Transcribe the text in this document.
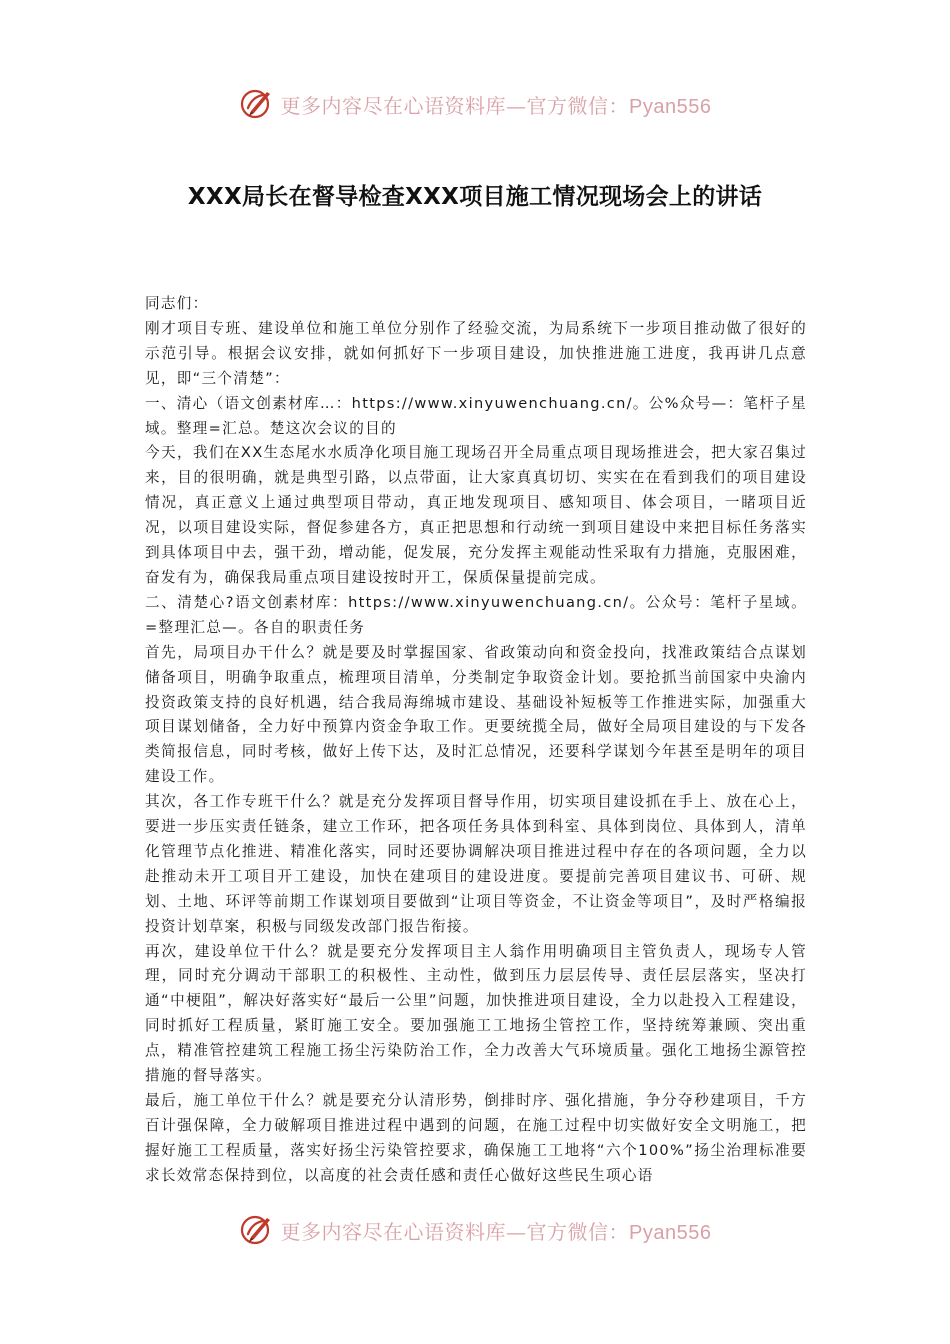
更多内容尽在心语资料库—官方微信：Pyan556
XXX局长在督导检查XXX项目施工情况现场会上的讲话

同志们：

刚才项目专班、建设单位和施工单位分别作了经验交流，为局系统下一步项目推动做了很好的示范引导。根据会议安排，就如何抓好下一步项目建设，加快推进施工进度，我再讲几点意见，即“三个清楚”：

一、清心（语文创素材库…：https://www.xinyuwenchuang.cn/。公%众号—：笔杆子星域。整理=汇总。楚这次会议的目的

今天，我们在XX生态尾水水质净化项目施工现场召开全局重点项目现场推进会，把大家召集过来，目的很明确，就是典型引路，以点带面，让大家真真切切、实实在在看到我们的项目建设情况，真正意义上通过典型项目带动，真正地发现项目、感知项目、体会项目，一睹项目近况，以项目建设实际，督促参建各方，真正把思想和行动统一到项目建设中来把目标任务落实到具体项目中去，强干劲，增动能，促发展，充分发挥主观能动性采取有力措施，克服困难，奋发有为，确保我局重点项目建设按时开工，保质保量提前完成。

二、清楚心?语文创素材库：https://www.xinyuwenchuang.cn/。公众号：笔杆子星域。=整理汇总—。各自的职责任务

首先，局项目办干什么？就是要及时掌握国家、省政策动向和资金投向，找准政策结合点谋划储备项目，明确争取重点，梳理项目清单，分类制定争取资金计划。要抢抓当前国家中央渝内投资政策支持的良好机遇，结合我局海绵城市建设、基础设补短板等工作推进实际，加强重大项目谋划储备，全力好中预算内资金争取工作。更要统揽全局，做好全局项目建设的与下发各类简报信息，同时考核，做好上传下达，及时汇总情况，还要科学谋划今年甚至是明年的项目建设工作。

其次，各工作专班干什么？就是充分发挥项目督导作用，切实项目建设抓在手上、放在心上，要进一步压实责任链条，建立工作环，把各项任务具体到科室、具体到岗位、具体到人，清单化管理节点化推进、精准化落实，同时还要协调解决项目推进过程中存在的各项问题，全力以赴推动未开工项目开工建设，加快在建项目的建设进度。要提前完善项目建议书、可研、规划、土地、环评等前期工作谋划项目要做到“让项目等资金，不让资金等项目”，及时严格编报投资计划草案，积极与同级发改部门报告衔接。

再次，建设单位干什么？就是要充分发挥项目主人翁作用明确项目主管负责人，现场专人管理，同时充分调动干部职工的积极性、主动性，做到压力层层传导、责任层层落实，坚决打通“中梗阻”，解决好落实好“最后一公里”问题，加快推进项目建设，全力以赴投入工程建设，同时抓好工程质量，紧盯施工安全。要加强施工工地扬尘管控工作，坚持统筹兼顾、突出重点，精准管控建筑工程施工扬尘污染防治工作，全力改善大气环境质量。强化工地扬尘源管控措施的督导落实。

最后，施工单位干什么？就是要充分认清形势，倒排时序、强化措施，争分夺秒建项目，千方百计强保障，全力破解项目推进过程中遇到的问题，在施工过程中切实做好安全文明施工，把握好施工工程质量，落实好扬尘污染管控要求，确保施工工地将“六个100%”扬尘治理标准要求长效常态保持到位，以高度的社会责任感和责任心做好这些民生项心语

更多内容尽在心语资料库—官方微信：Pyan556
